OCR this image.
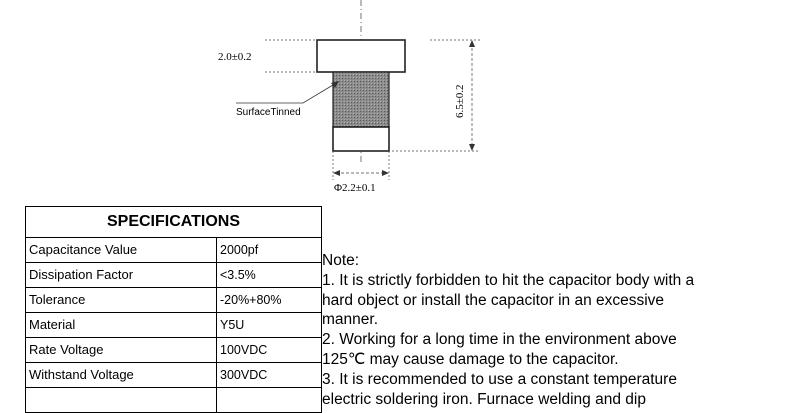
2.0±0.2
6.5±0.2
Φ2.2±0.1
SurfaceTinned
SPECIFICATIONS	
Capacitance Value	2000pf
Dissipation Factor	<3.5%
Tolerance	-20%+80%
Material	Y5U
Rate Voltage	100VDC
Withstand Voltage	300VDC

Note:
1. It is strictly forbidden to hit the capacitor body with a
hard object or install the capacitor in an excessive
manner.
2. Working for a long time in the environment above
125℃ may cause damage to the capacitor.
3. It is recommended to use a constant temperature
electric soldering iron. Furnace welding and dip
